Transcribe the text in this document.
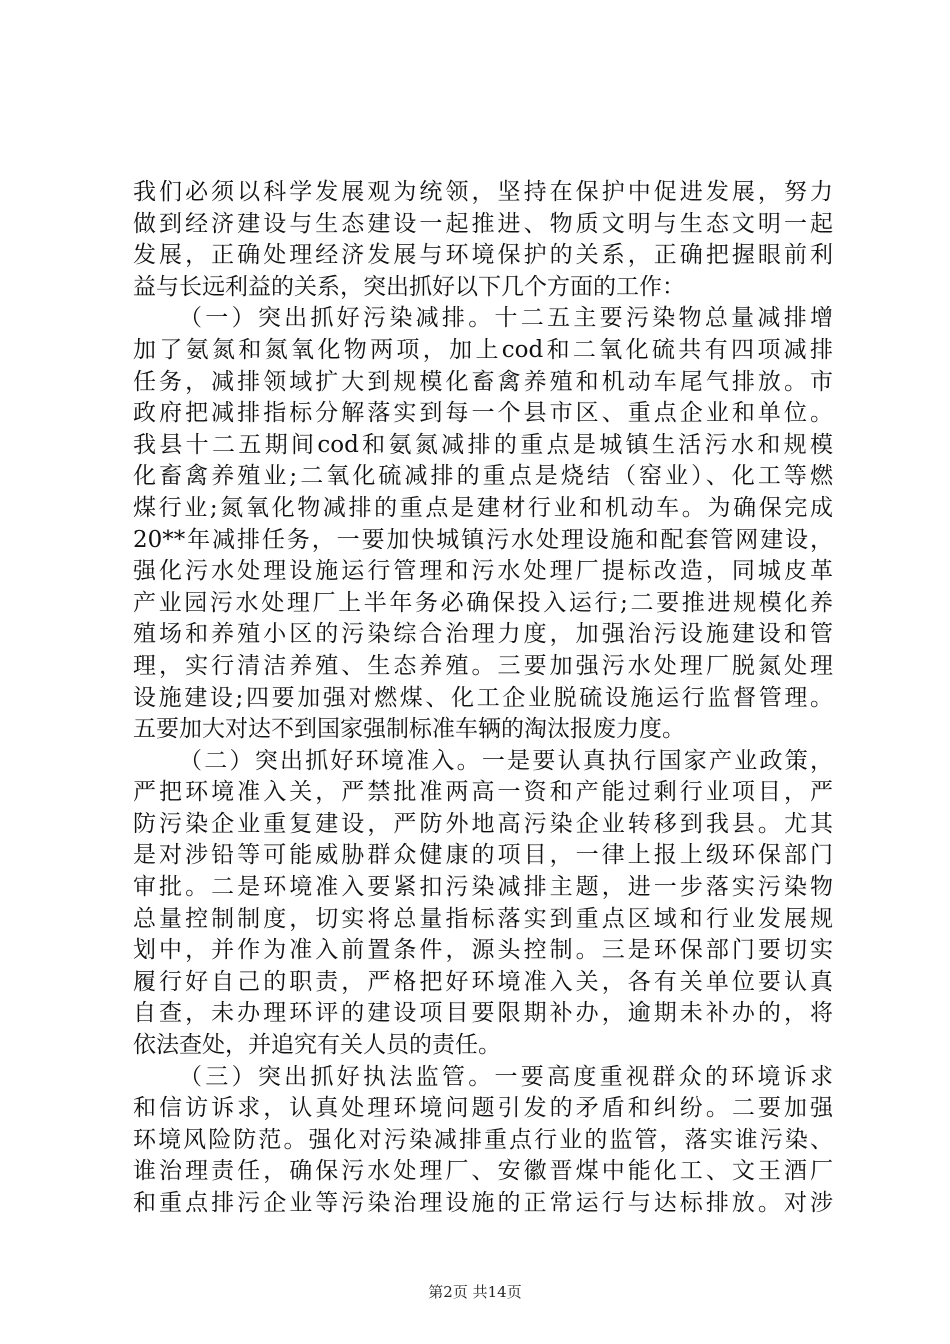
我们必须以科学发展观为统领，坚持在保护中促进发展，努力
做到经济建设与生态建设一起推进、物质文明与生态文明一起
发展，正确处理经济发展与环境保护的关系，正确把握眼前利
益与长远利益的关系，突出抓好以下几个方面的工作：
（一）突出抓好污染减排。十二五主要污染物总量减排增
加了氨氮和氮氧化物两项，加上cod和二氧化硫共有四项减排
任务，减排领域扩大到规模化畜禽养殖和机动车尾气排放。市
政府把减排指标分解落实到每一个县市区、重点企业和单位。
我县十二五期间cod和氨氮减排的重点是城镇生活污水和规模
化畜禽养殖业;二氧化硫减排的重点是烧结（窑业）、化工等燃
煤行业;氮氧化物减排的重点是建材行业和机动车。为确保完成
20**年减排任务，一要加快城镇污水处理设施和配套管网建设，
强化污水处理设施运行管理和污水处理厂提标改造，同城皮革
产业园污水处理厂上半年务必确保投入运行;二要推进规模化养
殖场和养殖小区的污染综合治理力度，加强治污设施建设和管
理，实行清洁养殖、生态养殖。三要加强污水处理厂脱氮处理
设施建设;四要加强对燃煤、化工企业脱硫设施运行监督管理。
五要加大对达不到国家强制标准车辆的淘汰报废力度。
（二）突出抓好环境准入。一是要认真执行国家产业政策，
严把环境准入关，严禁批准两高一资和产能过剩行业项目，严
防污染企业重复建设，严防外地高污染企业转移到我县。尤其
是对涉铅等可能威胁群众健康的项目，一律上报上级环保部门
审批。二是环境准入要紧扣污染减排主题，进一步落实污染物
总量控制制度，切实将总量指标落实到重点区域和行业发展规
划中，并作为准入前置条件，源头控制。三是环保部门要切实
履行好自己的职责，严格把好环境准入关，各有关单位要认真
自查，未办理环评的建设项目要限期补办，逾期未补办的，将
依法查处，并追究有关人员的责任。
（三）突出抓好执法监管。一要高度重视群众的环境诉求
和信访诉求，认真处理环境问题引发的矛盾和纠纷。二要加强
环境风险防范。强化对污染减排重点行业的监管，落实谁污染、
谁治理责任，确保污水处理厂、安徽晋煤中能化工、文王酒厂
和重点排污企业等污染治理设施的正常运行与达标排放。对涉
第2页 共14页
